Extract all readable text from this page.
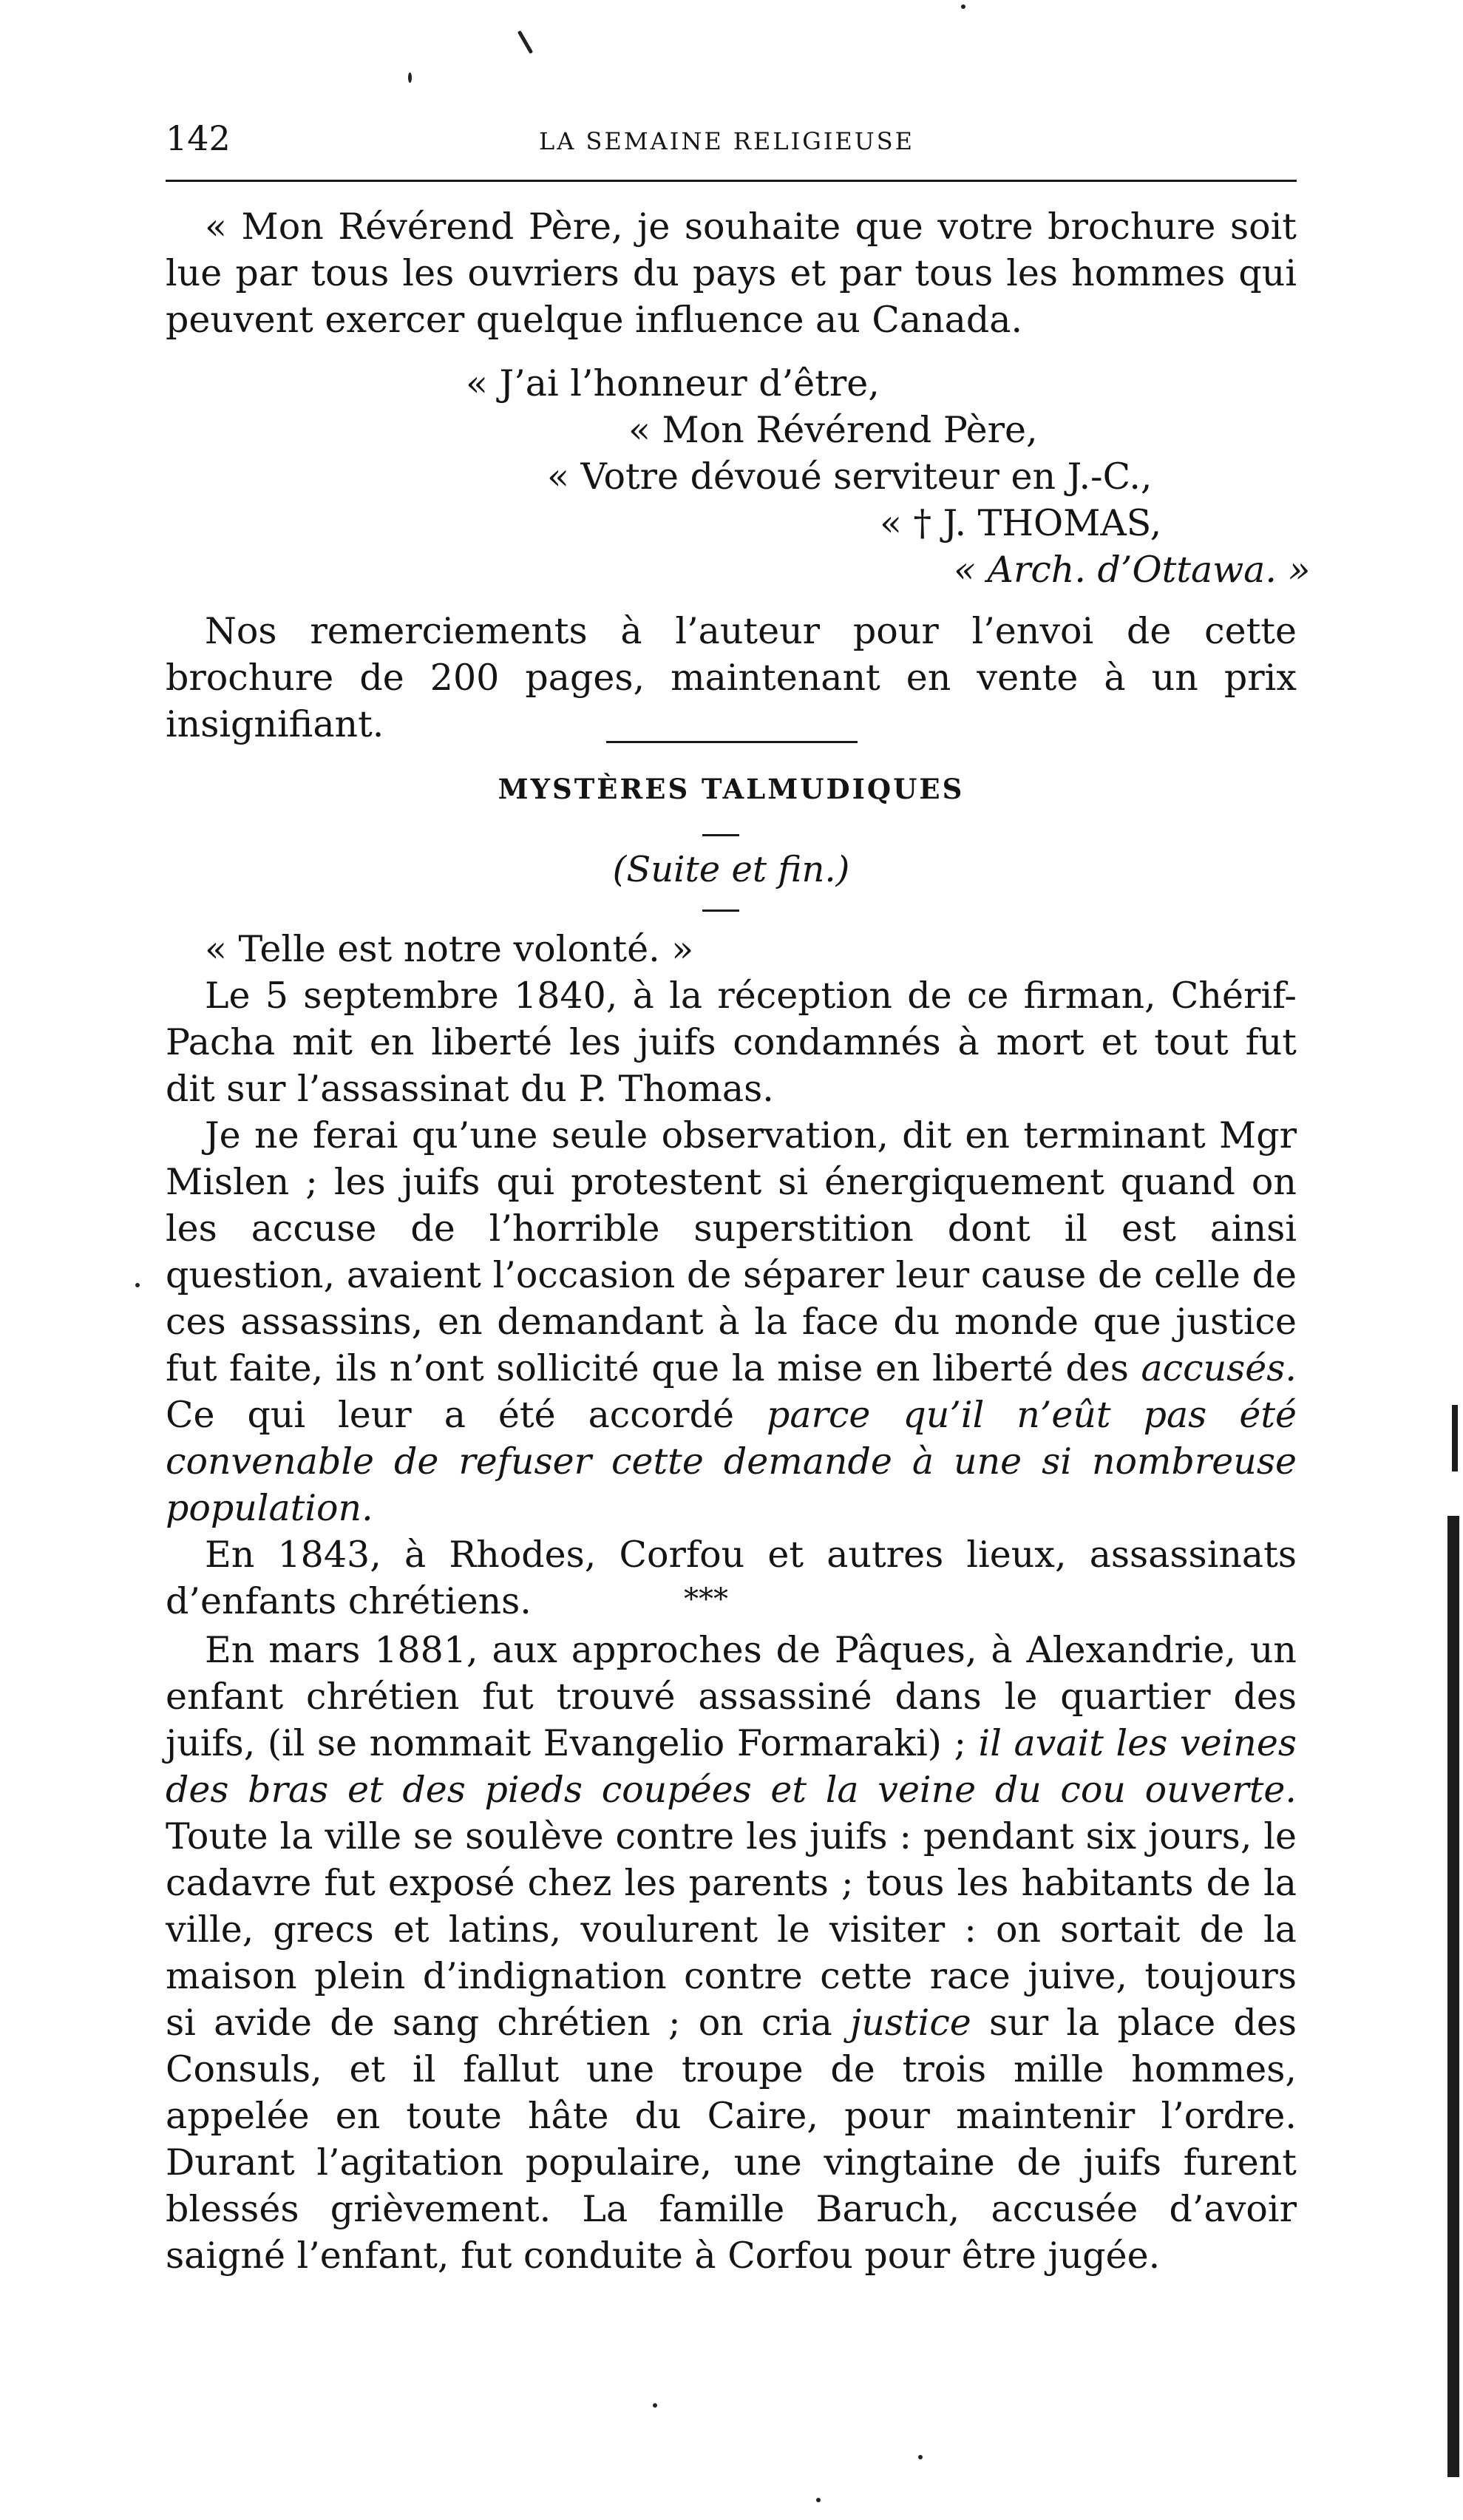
142	LA SEMAINE RELIGIEUSE

« Mon Révérend Père, je souhaite que votre brochure soit lue par tous les ouvriers du pays et par tous les hommes qui peuvent exercer quelque influence au Canada.

« J’ai l’honneur d’être,
« Mon Révérend Père,
« Votre dévoué serviteur en J.-C.,
« † J. THOMAS,
« Arch. d’Ottawa. »

Nos remerciements à l’auteur pour l’envoi de cette brochure de 200 pages, maintenant en vente à un prix insignifiant.

MYSTÈRES TALMUDIQUES
(Suite et fin.)

« Telle est notre volonté. »

Le 5 septembre 1840, à la réception de ce firman, Chérif-Pacha mit en liberté les juifs condamnés à mort et tout fut dit sur l’assassinat du P. Thomas.

Je ne ferai qu’une seule observation, dit en terminant Mgr Mislen ; les juifs qui protestent si énergiquement quand on les accuse de l’horrible superstition dont il est ainsi question, avaient l’occasion de séparer leur cause de celle de ces assassins, en demandant à la face du monde que justice fut faite, ils n’ont sollicité que la mise en liberté des accusés. Ce qui leur a été accordé parce qu’il n’eût pas été convenable de refuser cette demande à une si nombreuse population.

En 1843, à Rhodes, Corfou et autres lieux, assassinats d’enfants chrétiens.	***

En mars 1881, aux approches de Pâques, à Alexandrie, un enfant chrétien fut trouvé assassiné dans le quartier des juifs, (il se nommait Evangelio Formaraki) ; il avait les veines des bras et des pieds coupées et la veine du cou ouverte. Toute la ville se soulève contre les juifs : pendant six jours, le cadavre fut exposé chez les parents ; tous les habitants de la ville, grecs et latins, voulurent le visiter : on sortait de la maison plein d’indignation contre cette race juive, toujours si avide de sang chrétien ; on cria justice sur la place des Consuls, et il fallut une troupe de trois mille hommes, appelée en toute hâte du Caire, pour maintenir l’ordre. Durant l’agitation populaire, une vingtaine de juifs furent blessés grièvement. La famille Baruch, accusée d’avoir saigné l’enfant, fut conduite à Corfou pour être jugée.
